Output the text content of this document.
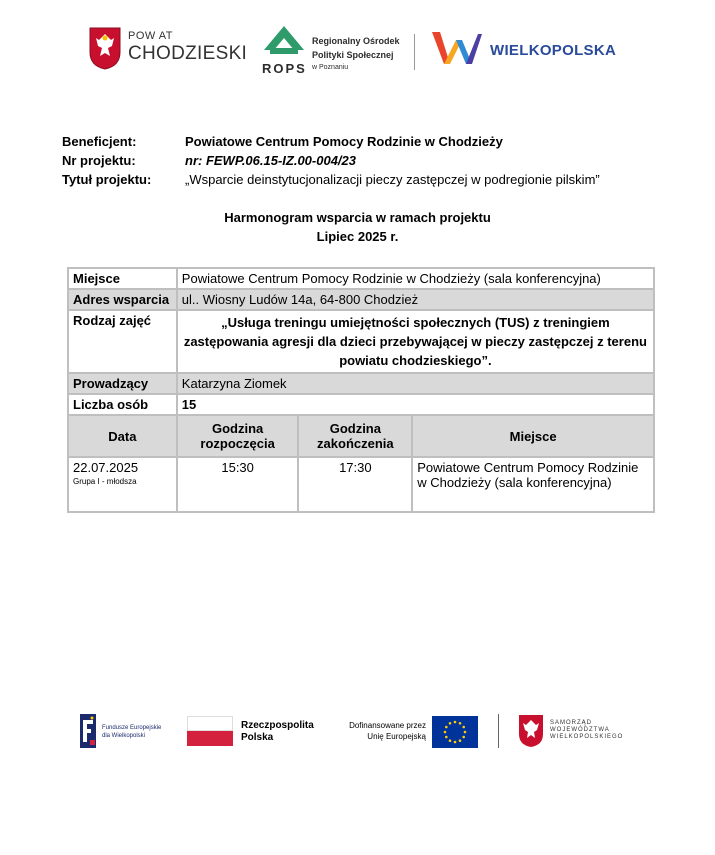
POW AT
CHODZIESKI
ROPS
Regionalny Ośrodek
Polityki Społecznej
w Poznaniu
WIELKOPOLSKA
Beneficjent:	Powiatowe Centrum Pomocy Rodzinie w Chodzieży
Nr projektu:	nr: FEWP.06.15-IZ.00-004/23
Tytuł projektu:	„Wsparcie deinstytucjonalizacji pieczy zastępczej w podregionie pilskim”
Harmonogram wsparcia w ramach projektu
Lipiec 2025 r.
Miejsce	Powiatowe Centrum Pomocy Rodzinie w Chodzieży (sala konferencyjna)		
Adres wsparcia	ul.. Wiosny Ludów 14a, 64-800 Chodzież		
Rodzaj zajęć	„Usługa treningu umiejętności społecznych (TUS) z treningiem zastępowania agresji dla dzieci przebywającej w pieczy zastępczej z terenu powiatu chodzieskiego”.		
Prowadzący	Katarzyna Ziomek		
Liczba osób	15		
Data	Godzina rozpoczęcia	Godzina zakończenia	Miejsce
22.07.2025
Grupa I - młodsza	15:30	17:30	Powiatowe Centrum Pomocy Rodzinie w Chodzieży (sala konferencyjna)
Fundusze Europejskie
dla Wielkopolski
Rzeczpospolita
Polska
Dofinansowane przez
Unię Europejską
SAMORZĄD
WOJEWÓDZTWA
WIELKOPOLSKIEGO
